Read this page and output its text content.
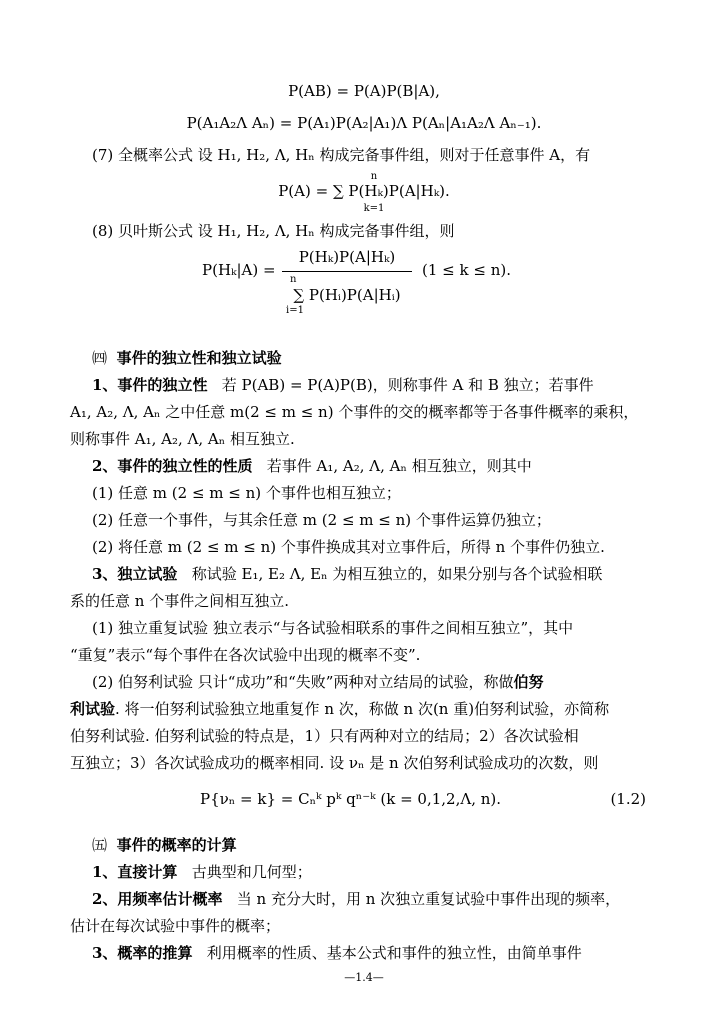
P(AB) = P(A)P(B|A),
P(A₁A₂Λ Aₙ) = P(A₁)P(A₂|A₁)Λ P(Aₙ|A₁A₂Λ Aₙ₋₁).
(7) 全概率公式 设 H₁, H₂, Λ, Hₙ 构成完备事件组，则对于任意事件 A，有
n
P(A) = ∑ P(Hₖ)P(A|Hₖ).
k=1
(8) 贝叶斯公式 设 H₁, H₂, Λ, Hₙ 构成完备事件组，则
P(Hₖ|A) =
P(Hₖ)P(A|Hₖ)
n
∑ P(Hᵢ)P(A|Hᵢ)
i=1
(1 ≤ k ≤ n).
㈣ 事件的独立性和独立试验
1、事件的独立性 若 P(AB) = P(A)P(B)，则称事件 A 和 B 独立；若事件
A₁, A₂, Λ, Aₙ 之中任意 m(2 ≤ m ≤ n) 个事件的交的概率都等于各事件概率的乘积，
则称事件 A₁, A₂, Λ, Aₙ 相互独立.
2、事件的独立性的性质 若事件 A₁, A₂, Λ, Aₙ 相互独立，则其中
(1) 任意 m (2 ≤ m ≤ n) 个事件也相互独立；
(2) 任意一个事件，与其余任意 m (2 ≤ m ≤ n) 个事件运算仍独立；
(2) 将任意 m (2 ≤ m ≤ n) 个事件换成其对立事件后，所得 n 个事件仍独立.
3、独立试验 称试验 E₁, E₂ Λ, Eₙ 为相互独立的，如果分别与各个试验相联
系的任意 n 个事件之间相互独立.
(1) 独立重复试验 独立表示“与各试验相联系的事件之间相互独立”，其中
“重复”表示“每个事件在各次试验中出现的概率不变”.
(2) 伯努利试验 只计“成功”和“失败”两种对立结局的试验，称做伯努
利试验. 将一伯努利试验独立地重复作 n 次，称做 n 次(n 重)伯努利试验，亦简称
伯努利试验. 伯努利试验的特点是，1）只有两种对立的结局；2）各次试验相
互独立；3）各次试验成功的概率相同. 设 νₙ 是 n 次伯努利试验成功的次数，则
P{νₙ = k} = Cₙᵏ pᵏ qⁿ⁻ᵏ (k = 0,1,2,Λ, n).	(1.2)
㈤ 事件的概率的计算
1、直接计算 古典型和几何型；
2、用频率估计概率 当 n 充分大时，用 n 次独立重复试验中事件出现的频率，
估计在每次试验中事件的概率；
3、概率的推算 利用概率的性质、基本公式和事件的独立性，由简单事件
—1.4—
